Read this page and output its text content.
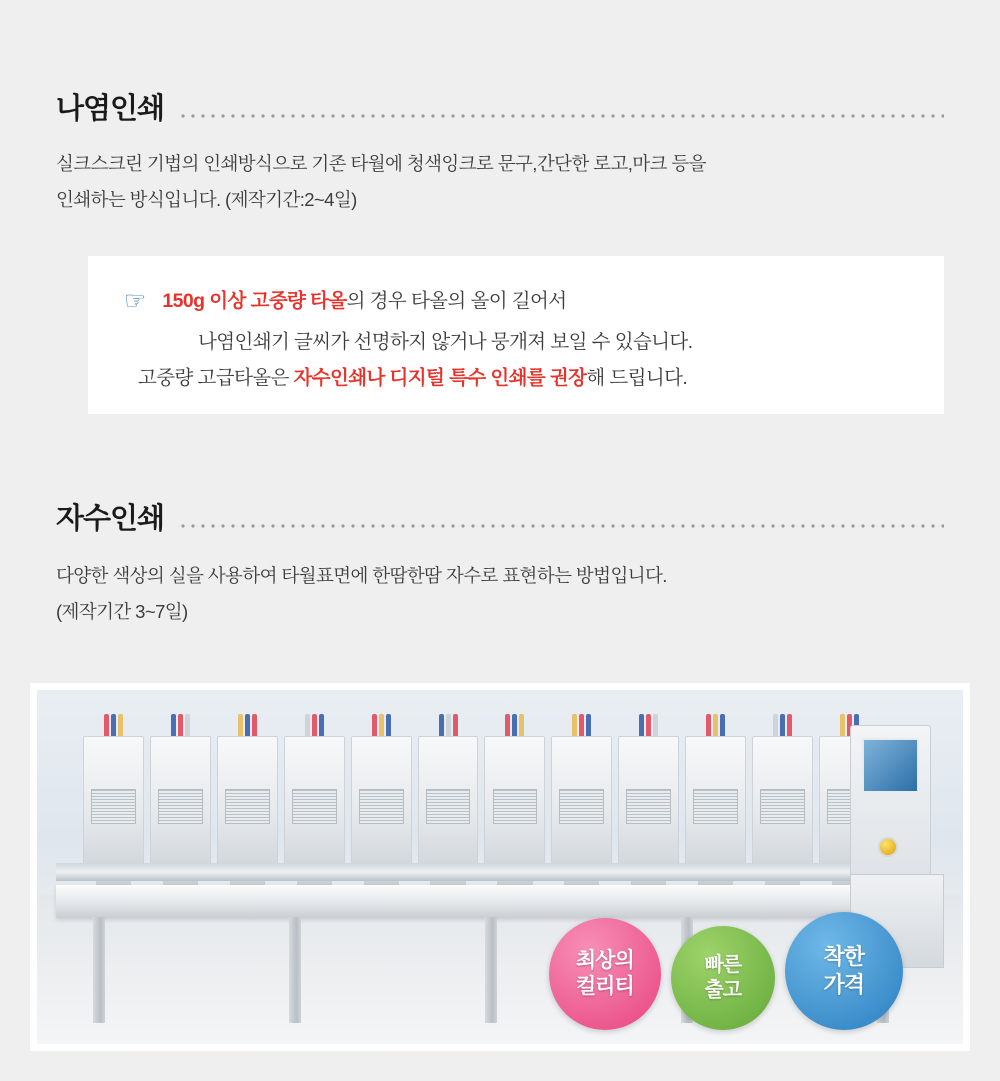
나염인쇄
실크스크린 기법의 인쇄방식으로 기존 타월에 청색잉크로 문구,간단한 로고,마크 등을

인쇄하는 방식입니다. (제작기간:2~4일)
☞ 150g 이상 고중량 타올의 경우 타올의 올이 길어서
나염인쇄기 글씨가 선명하지 않거나 뭉개져 보일 수 있습니다.
고중량 고급타올은 자수인쇄나 디지털 특수 인쇄를 권장해 드립니다.
자수인쇄
다양한 색상의 실을 사용하여 타월표면에 한땀한땀 자수로 표현하는 방법입니다.

(제작기간 3~7일)
최상의
컬리티
빠른
출고
착한
가격
